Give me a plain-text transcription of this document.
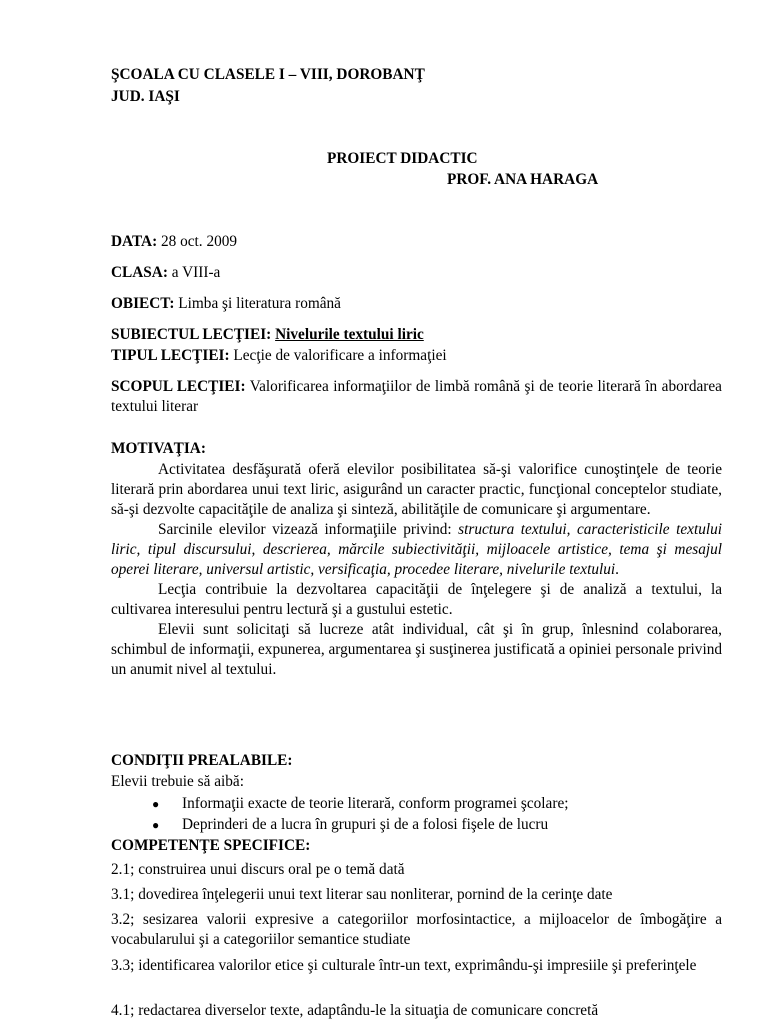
ŞCOALA CU CLASELE I – VIII, DOROBANŢ
JUD. IAŞI
PROIECT DIDACTIC
PROF. ANA HARAGA
DATA: 28 oct. 2009
CLASA: a VIII-a
OBIECT: Limba şi literatura română
SUBIECTUL LECŢIEI: Nivelurile textului liric
TIPUL LECŢIEI: Lecţie de valorificare a informaţiei

SCOPUL LECŢIEI: Valorificarea informaţiilor de limbă română şi de teorie literară în abordarea textului literar

MOTIVAŢIA:

Activitatea desfăşurată oferă elevilor posibilitatea să-şi valorifice cunoştinţele de teorie literară prin abordarea unui text liric, asigurând un caracter practic, funcţional conceptelor studiate, să-şi dezvolte capacităţile de analiza şi sinteză, abilităţile de comunicare şi argumentare.

Sarcinile elevilor vizează informaţiile privind: structura textului, caracteristicile textului liric, tipul discursului, descrierea, mărcile subiectivităţii, mijloacele artistice, tema şi mesajul operei literare, universul artistic, versificaţia, procedee literare, nivelurile textului.

Lecţia contribuie la dezvoltarea capacităţii de înţelegere şi de analiză a textului, la cultivarea interesului pentru lectură şi a gustului estetic.

Elevii sunt solicitaţi să lucreze atât individual, cât şi în grup, înlesnind colaborarea, schimbul de informaţii, expunerea, argumentarea şi susţinerea justificată a opiniei personale privind un anumit nivel al textului.

CONDIŢII PREALABILE:
Elevii trebuie să aibă:
● Informaţii exacte de teorie literară, conform programei şcolare;
● Deprinderi de a lucra în grupuri şi de a folosi fişele de lucru
COMPETENŢE SPECIFICE:
2.1; construirea unui discurs oral pe o temă dată
3.1; dovedirea înţelegerii unui text literar sau nonliterar, pornind de la cerinţe date
3.2; sesizarea valorii expresive a categoriilor morfosintactice, a mijloacelor de îmbogăţire a vocabularului şi a categoriilor semantice studiate
3.3; identificarea valorilor etice şi culturale într-un text, exprimându-şi impresiile şi preferinţele
4.1; redactarea diverselor texte, adaptându-le la situaţia de comunicare concretă
